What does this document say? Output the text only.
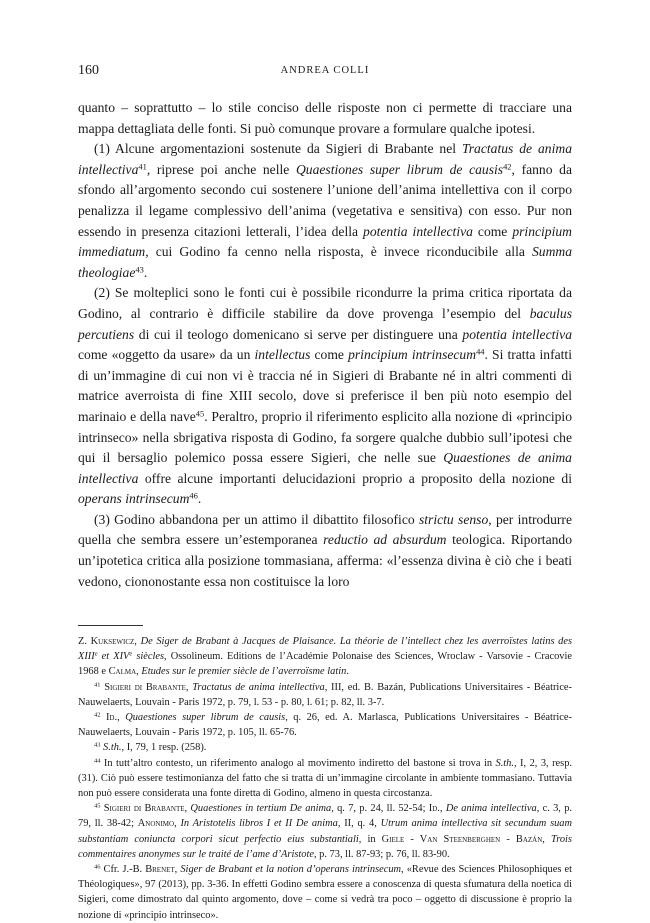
160	ANDREA COLLI

quanto – soprattutto – lo stile conciso delle risposte non ci permette di tracciare una mappa dettagliata delle fonti. Si può comunque provare a formulare qualche ipotesi.

(1) Alcune argomentazioni sostenute da Sigieri di Brabante nel Tractatus de anima intellectiva$^{41}$, riprese poi anche nelle Quaestiones super librum de causis$^{42}$, fanno da sfondo all’argomento secondo cui sostenere l’unione dell’anima intellettiva con il corpo penalizza il legame complessivo dell’anima (vegetativa e sensitiva) con esso. Pur non essendo in presenza citazioni letterali, l’idea della potentia intellectiva come principium immediatum, cui Godino fa cenno nella risposta, è invece riconducibile alla Summa theologiae$^{43}$.

(2) Se molteplici sono le fonti cui è possibile ricondurre la prima critica riportata da Godino, al contrario è difficile stabilire da dove provenga l’esempio del baculus percutiens di cui il teologo domenicano si serve per distinguere una potentia intellectiva come «oggetto da usare» da un intellectus come principium intrinsecum$^{44}$. Si tratta infatti di un’immagine di cui non vi è traccia né in Sigieri di Brabante né in altri commenti di matrice averroista di fine XIII secolo, dove si preferisce il ben più noto esempio del marinaio e della nave$^{45}$. Peraltro, proprio il riferimento esplicito alla nozione di «principio intrinseco» nella sbrigativa risposta di Godino, fa sorgere qualche dubbio sull’ipotesi che qui il bersaglio polemico possa essere Sigieri, che nelle sue Quaestiones de anima intellectiva offre alcune importanti delucidazioni proprio a proposito della nozione di operans intrinsecum$^{46}$.

(3) Godino abbandona per un attimo il dibattito filosofico strictu senso, per introdurre quella che sembra essere un’estemporanea reductio ad absurdum teologica. Riportando un’ipotetica critica alla posizione tommasiana, afferma: «l’essenza divina è ciò che i beati vedono, ciononostante essa non costituisce la loro

Z. Kuksewicz, De Siger de Brabant à Jacques de Plaisance. La théorie de l’intellect chez les averroïstes latins des XIIIe et XIVe siècles, Ossolineum. Editions de l’Académie Polonaise des Sciences, Wroclaw - Varsovie - Cracovie 1968 e Calma, Etudes sur le premier siècle de l’averroïsme latin.

$^{41}$ Sigieri di Brabante, Tractatus de anima intellectiva, III, ed. B. Bazán, Publications Universitaires - Béatrice-Nauwelaerts, Louvain - Paris 1972, p. 79, l. 53 - p. 80, l. 61; p. 82, ll. 3-7.

$^{42}$ Id., Quaestiones super librum de causis, q. 26, ed. A. Marlasca, Publications Universitaires - Béatrice-Nauwelaerts, Louvain - Paris 1972, p. 105, ll. 65-76.

$^{43}$ S.th., I, 79, 1 resp. (258).

$^{44}$ In tutt’altro contesto, un riferimento analogo al movimento indiretto del bastone si trova in S.th., I, 2, 3, resp. (31). Ciò può essere testimonianza del fatto che si tratta di un’immagine circolante in ambiente tommasiano. Tuttavia non può essere considerata una fonte diretta di Godino, almeno in questa circostanza.

$^{45}$ Sigieri di Brabante, Quaestiones in tertium De anima, q. 7, p. 24, ll. 52-54; Id., De anima intellectiva, c. 3, p. 79, ll. 38-42; Anonimo, In Aristotelis libros I et II De anima, II, q. 4, Utrum anima intellectiva sit secundum suam substantiam coniuncta corpori sicut perfectio eius substantiali, in Giele - Van Steenberghen - Bazán, Trois commentaires anonymes sur le traité de l’ame d’Aristote, p. 73, ll. 87-93; p. 76, ll. 83-90.

$^{46}$ Cfr. J.-B. Brenet, Siger de Brabant et la notion d’operans intrinsecum, «Revue des Sciences Philosophiques et Théologiques», 97 (2013), pp. 3-36. In effetti Godino sembra essere a conoscenza di questa sfumatura della noetica di Sigieri, come dimostrato dal quinto argomento, dove – come si vedrà tra poco – oggetto di discussione è proprio la nozione di «principio intrinseco».
